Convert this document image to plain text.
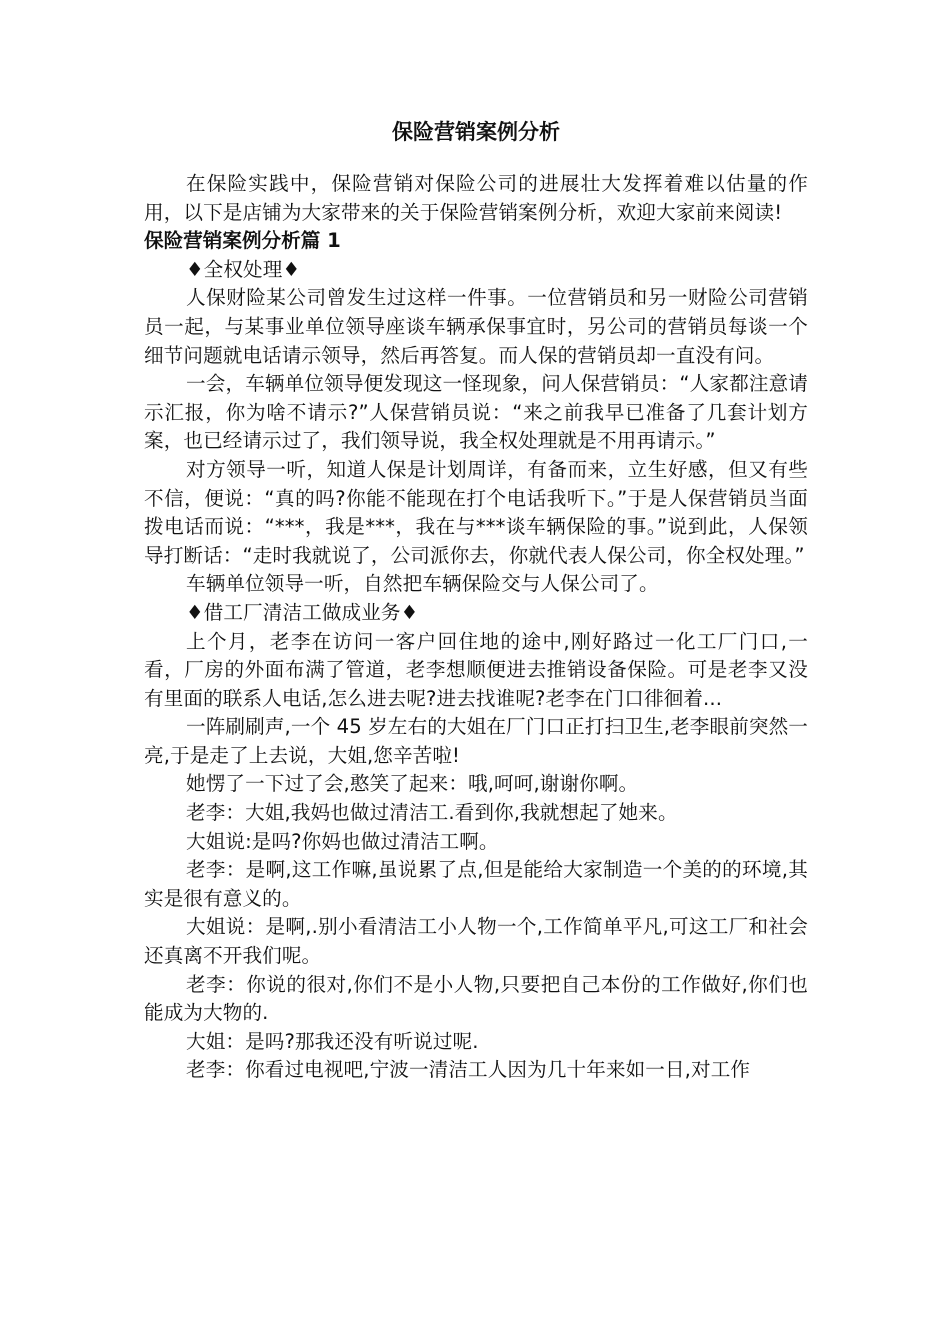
保险营销案例分析

在保险实践中，保险营销对保险公司的进展壮大发挥着难以估量的作用，以下是店铺为大家带来的关于保险营销案例分析，欢迎大家前来阅读!

保险营销案例分析篇 1

♦全权处理♦

人保财险某公司曾发生过这样一件事。一位营销员和另一财险公司营销员一起，与某事业单位领导座谈车辆承保事宜时，另公司的营销员每谈一个细节问题就电话请示领导，然后再答复。而人保的营销员却一直没有问。

一会，车辆单位领导便发现这一怪现象，问人保营销员：“人家都注意请示汇报，你为啥不请示?”人保营销员说：“来之前我早已准备了几套计划方案，也已经请示过了，我们领导说，我全权处理就是不用再请示。”

对方领导一听，知道人保是计划周详，有备而来，立生好感，但又有些不信，便说：“真的吗?你能不能现在打个电话我听下。”于是人保营销员当面拨电话而说：“***，我是***，我在与***谈车辆保险的事。”说到此，人保领导打断话：“走时我就说了，公司派你去，你就代表人保公司，你全权处理。”

车辆单位领导一听，自然把车辆保险交与人保公司了。

♦借工厂清洁工做成业务♦

上个月，老李在访问一客户回住地的途中,刚好路过一化工厂门口,一看，厂房的外面布满了管道，老李想顺便进去推销设备保险。可是老李又没有里面的联系人电话,怎么进去呢?进去找谁呢?老李在门口徘徊着...

一阵刷刷声,一个 45 岁左右的大姐在厂门口正打扫卫生,老李眼前突然一亮,于是走了上去说，大姐,您辛苦啦!

她愣了一下过了会,憨笑了起来：哦,呵呵,谢谢你啊。

老李：大姐,我妈也做过清洁工.看到你,我就想起了她来。

大姐说:是吗?你妈也做过清洁工啊。

老李：是啊,这工作嘛,虽说累了点,但是能给大家制造一个美的的环境,其实是很有意义的。

大姐说：是啊,.别小看清洁工小人物一个,工作简单平凡,可这工厂和社会还真离不开我们呢。

老李：你说的很对,你们不是小人物,只要把自己本份的工作做好,你们也能成为大物的.

大姐：是吗?那我还没有听说过呢.

老李：你看过电视吧,宁波一清洁工人因为几十年来如一日,对工作
